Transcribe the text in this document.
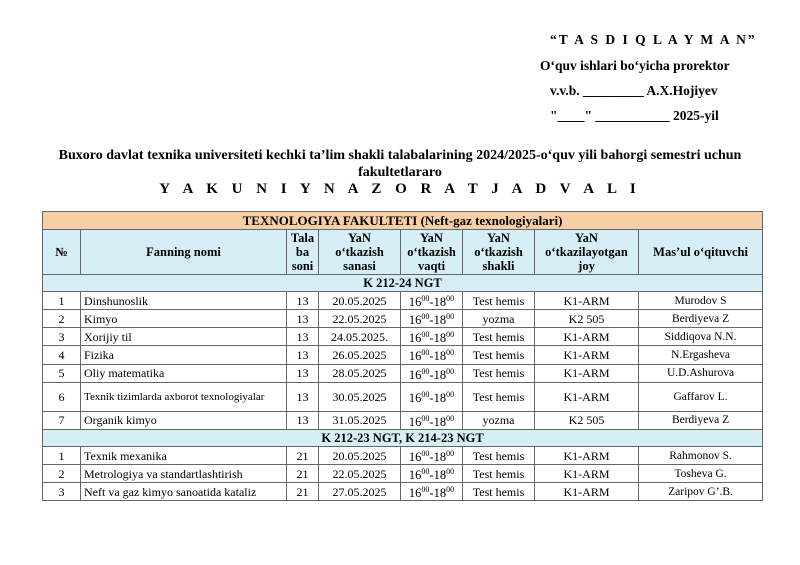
“T A S D I Q L A Y M A N”
O‘quv ishlari bo‘yicha prorektor
v.v.b. _________ A.X.Hojiyev
"____" ___________ 2025-yil
Buxoro davlat texnika universiteti kechki ta’lim shakli talabalarining 2024/2025-o‘quv yili bahorgi semestri uchun fakultetlararo
Y A K U N I Y N A Z O R A T J A D V A L I
TEXNOLOGIYA FAKULTETI (Neft-gaz texnologiyalari)							
№	Fanning nomi	Tala
ba
soni	YaN
o‘tkazish
sanasi	YaN
o‘tkazish
vaqti	YaN
o‘tkazish
shakli	YaN
o‘tkazilayotgan
joy	Mas’ul o‘qituvchi
K 212-24 NGT							
1	Dinshunoslik	13	20.05.2025	$16^{00}-18^{00}$	Test hemis	K1-ARM	Murodov S
2	Kimyo	13	22.05.2025	$16^{00}-18^{00}$	yozma	K2 505	Berdiyeva Z
3	Xorijiy til	13	24.05.2025.	$16^{00}-18^{00}$	Test hemis	K1-ARM	Siddiqova N.N.
4	Fizika	13	26.05.2025	$16^{00}-18^{00}$	Test hemis	K1-ARM	N.Ergasheva
5	Oliy matematika	13	28.05.2025	$16^{00}-18^{00}$	Test hemis	K1-ARM	U.D.Ashurova
6	Texnik tizimlarda axborot texnologiyalar	13	30.05.2025	$16^{00}-18^{00}$	Test hemis	K1-ARM	Gaffarov L.
7	Organik kimyo	13	31.05.2025	$16^{00}-18^{00}$	yozma	K2 505	Berdiyeva Z
K 212-23 NGT, K 214-23 NGT							
1	Texnik mexanika	21	20.05.2025	$16^{00}-18^{00}$	Test hemis	K1-ARM	Rahmonov S.
2	Metrologiya va standartlashtirish	21	22.05.2025	$16^{00}-18^{00}$	Test hemis	K1-ARM	Tosheva G.
3	Neft va gaz kimyo sanoatida kataliz	21	27.05.2025	$16^{00}-18^{00}$	Test hemis	K1-ARM	Zaripov G’.B.
